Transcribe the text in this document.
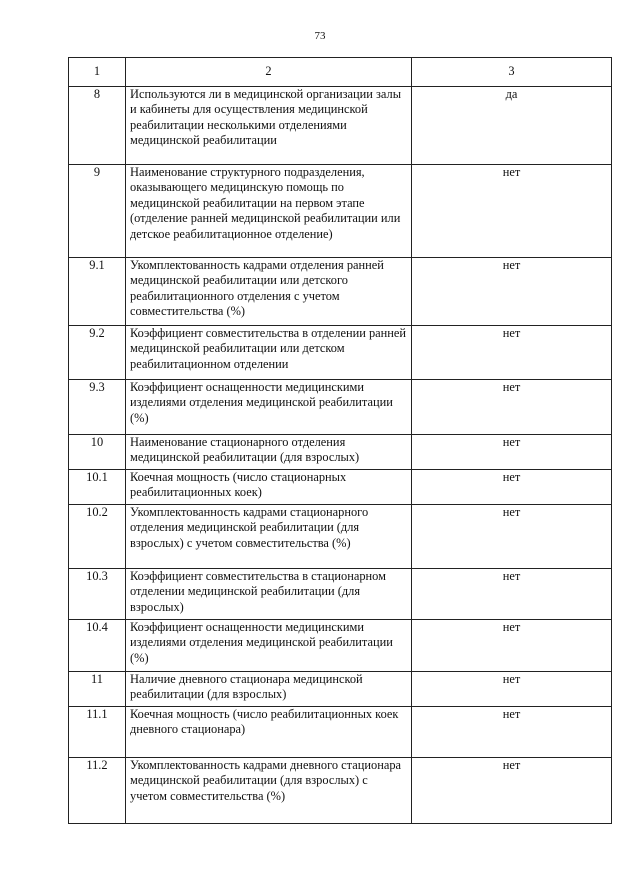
73
1	2	3
8	Используются ли в медицинской организации залы и кабинеты для осуществления медицинской реабилитации несколькими отделениями медицинской реабилитации	да
9	Наименование структурного подразделения, оказывающего медицинскую помощь по медицинской реабилитации на первом этапе (отделение ранней медицинской реабилитации или детское реабилитационное отделение)	нет
9.1	Укомплектованность кадрами отделения ранней медицинской реабилитации или детского реабилитационного отделения с учетом совместительства (%)	нет
9.2	Коэффициент совместительства в отделении ранней медицинской реабилитации или детском реабилитационном отделении	нет
9.3	Коэффициент оснащенности медицинскими изделиями отделения медицинской реабилитации (%)	нет
10	Наименование стационарного отделения медицинской реабилитации (для взрослых)	нет
10.1	Коечная мощность (число стационарных реабилитационных коек)	нет
10.2	Укомплектованность кадрами стационарного отделения медицинской реабилитации (для взрослых) с учетом совместительства (%)	нет
10.3	Коэффициент совместительства в стационарном отделении медицинской реабилитации (для взрослых)	нет
10.4	Коэффициент оснащенности медицинскими изделиями отделения медицинской реабилитации (%)	нет
11	Наличие дневного стационара медицинской реабилитации (для взрослых)	нет
11.1	Коечная мощность (число реабилитационных коек дневного стационара)	нет
11.2	Укомплектованность кадрами дневного стационара медицинской реабилитации (для взрослых) с учетом совместительства (%)	нет
